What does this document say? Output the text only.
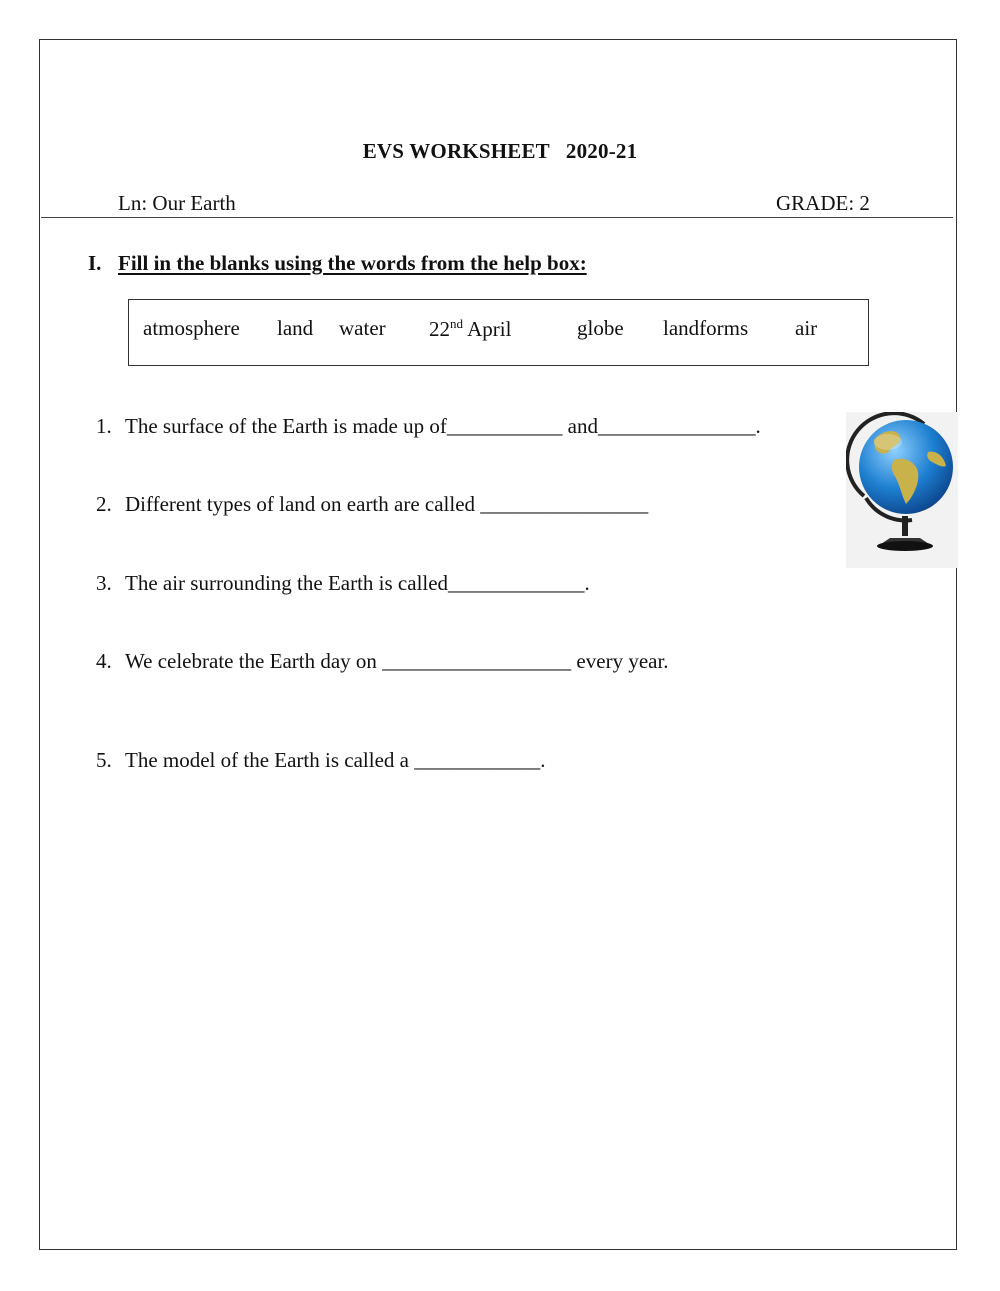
EVS WORKSHEET 2020-21
Ln: Our Earth	GRADE: 2
I. Fill in the blanks using the words from the help box:
atmosphere land water 22nd April	globe landforms air
1. The surface of the Earth is made up of___________ and_______________.
2. Different types of land on earth are called ________________
3. The air surrounding the Earth is called_____________.
4. We celebrate the Earth day on __________________ every year.
5. The model of the Earth is called a ____________.
